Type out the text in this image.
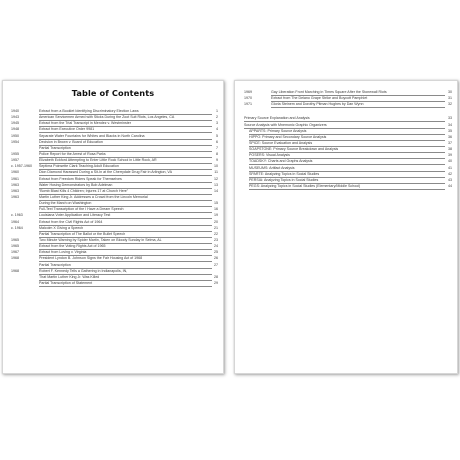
Table of Contents
1940	Extract from a Booklet Identifying Discriminatory Election Laws	1
1943	American Servicemen Armed with Sticks During the Zoot Suit Riots, Los Angeles, CA	2
1945	Extract from the Trial Transcript in Mendez v. Westminster	3
1948	Extract from Executive Order 9981	4
1950	Separate Water Fountains for Whites and Blacks in North Carolina	5
1954	Decision in Brown v. Board of Education	6
Partial Transcription	7
1955	Police Report for the Arrest of Rosa Parks	8
1957	Elizabeth Eckford Attempting to Enter Little Rock School in Little Rock, AR	9
c. 1957-1960	Septima Poinsette Clark Teaching Adult Education	10
1960	Dion Diamond Harassed During a Sit-In at the Cherrydale Drug Fair in Arlington, VA	11
1961	Extract from Freedom Riders Speak for Themselves	12
1963	Water Hosing Demonstrators by Bob Adelman	13
1963	"Bomb Blast Kills 4 Children; Injures 17 at Church Here"	14
1963	Martin Luther King Jr. Addresses a Crowd from the Lincoln Memorial
During the March on Washington	15
Full-Text Transcription of the I Have a Dream Speech	16
c. 1963	Louisiana Voter Application and Literacy Test	19
1964	Extract from the Civil Rights Act of 1964	20
c. 1964	Malcolm X Giving a Speech	21
Partial Transcription of The Ballot or the Bullet Speech	22
1965	Two Minute Warning by Spider Martin, Taken on Bloody Sunday in Selma, AL	23
1965	Extract from the Voting Rights Act of 1965	24
1967	Extract from Loving v. Virginia	25
1968	President Lyndon B. Johnson Signs the Fair Housing Act of 1968	26
Partial Transcription	27
1968	Robert F. Kennedy Tells a Gathering in Indianapolis, IN,
That Martin Luther King Jr. Was Killed	28
Partial Transcription of Statement	29
1969	Gay Liberation Front Marching in Times Square After the Stonewall Riots	30
1970	Extract from The Delano Grape Strike and Boycott Pamphlet	31
1971	Gloria Steinem and Dorothy Pitman Hughes by Dan Wynn	32
Primary Source Explanation and Analysis	33
Source Analysis with Mnemonic Graphic Organizers	34
APPARTS: Primary Source Analysis	35
HIPPO: Primary and Secondary Source Analysis	36
SPICE: Source Evaluation and Analysis	37
SOAPSTONE: Primary Source Breakdown and Analysis	38
POSERS: Visual Analysis	39
TOADSKY: Charts and Graphs Analysis	40
MUSEUMS: Artifact Analysis	41
SPARTE: Analyzing Topics in Social Studies	42
PERSIA: Analyzing Topics in Social Studies	43
PEGS: Analyzing Topics in Social Studies (Elementary/Middle School)	44
